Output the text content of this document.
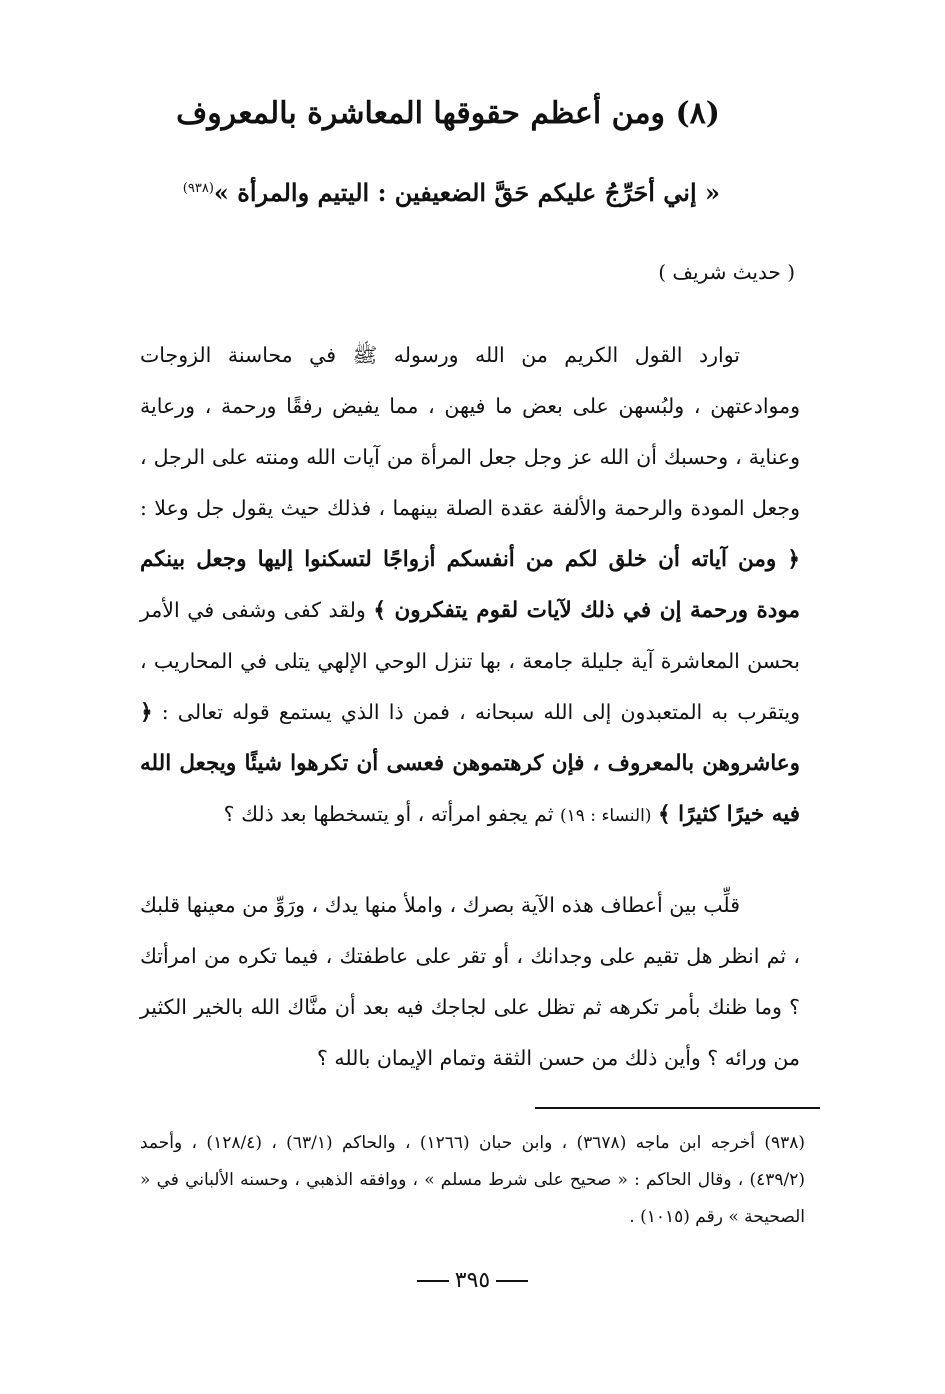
(٨) ومن أعظم حقوقها المعاشرة بالمعروف
« إني أحَرِّجُ عليكم حَقَّ الضعيفين : اليتيم والمرأة »$^{(٩٣٨)}$
( حديث شريف )
توارد القول الكريم من الله ورسوله ﷺ في محاسنة الزوجات وموادعتهن ، ولبُسهن على بعض ما فيهن ، مما يفيض رفقًا ورحمة ، ورعاية وعناية ، وحسبك أن الله عز وجل جعل المرأة من آيات الله ومنته على الرجل ، وجعل المودة والرحمة والألفة عقدة الصلة بينهما ، فذلك حيث يقول جل وعلا : ﴿ ومن آياته أن خلق لكم من أنفسكم أزواجًا لتسكنوا إليها وجعل بينكم مودة ورحمة إن في ذلك لآيات لقوم يتفكرون ﴾ ولقد كفى وشفى في الأمر بحسن المعاشرة آية جليلة جامعة ، بها تنزل الوحي الإلهي يتلى في المحاريب ، ويتقرب به المتعبدون إلى الله سبحانه ، فمن ذا الذي يستمع قوله تعالى : ﴿ وعاشروهن بالمعروف ، فإن كرهتموهن فعسى أن تكرهوا شيئًا ويجعل الله فيه خيرًا كثيرًا ﴾ (النساء : ١٩) ثم يجفو امرأته ، أو يتسخطها بعد ذلك ؟
قلِّب بين أعطاف هذه الآية بصرك ، واملأ منها يدك ، ورَوِّ من معينها قلبك ، ثم انظر هل تقيم على وجدانك ، أو تقر على عاطفتك ، فيما تكره من امرأتك ؟ وما ظنك بأمر تكرهه ثم تظل على لجاجك فيه بعد أن منَّاك الله بالخير الكثير من ورائه ؟ وأين ذلك من حسن الثقة وتمام الإيمان بالله ؟
(٩٣٨) أخرجه ابن ماجه (٣٦٧٨) ، وابن حبان (١٢٦٦) ، والحاكم (٦٣/١) ، (١٢٨/٤) ، وأحمد (٤٣٩/٢) ، وقال الحاكم : « صحيح على شرط مسلم » ، ووافقه الذهبي ، وحسنه الألباني في « الصحيحة » رقم (١٠١٥) .
٣٩٥
